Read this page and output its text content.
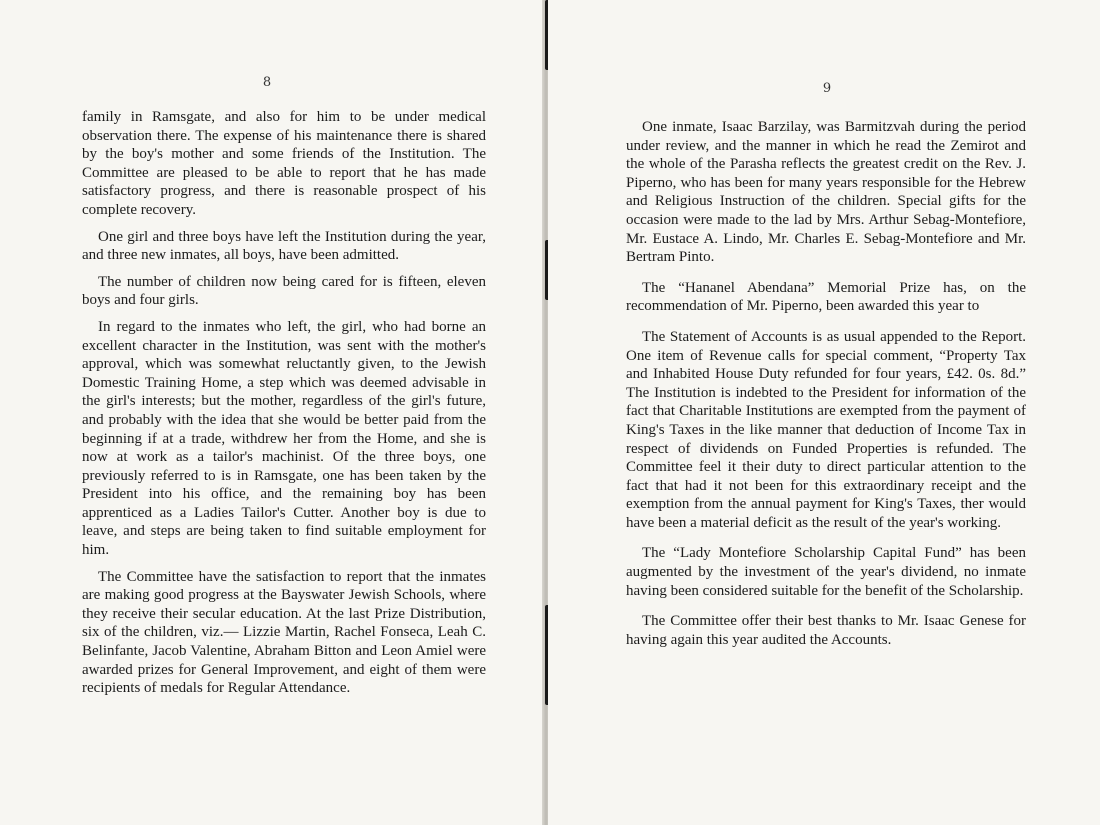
8

family in Ramsgate, and also for him to be under medical observation there. The expense of his maintenance there is shared by the boy's mother and some friends of the Institution. The Committee are pleased to be able to report that he has made satisfactory progress, and there is reasonable prospect of his complete recovery.

One girl and three boys have left the Institution during the year, and three new inmates, all boys, have been admitted.

The number of children now being cared for is fifteen, eleven boys and four girls.

In regard to the inmates who left, the girl, who had borne an excellent character in the Institution, was sent with the mother's approval, which was somewhat reluctantly given, to the Jewish Domestic Training Home, a step which was deemed advisable in the girl's interests; but the mother, regardless of the girl's future, and probably with the idea that she would be better paid from the beginning if at a trade, withdrew her from the Home, and she is now at work as a tailor's machinist. Of the three boys, one previously referred to is in Ramsgate, one has been taken by the President into his office, and the remaining boy has been apprenticed as a Ladies Tailor's Cutter. Another boy is due to leave, and steps are being taken to find suitable employment for him.

The Committee have the satisfaction to report that the inmates are making good progress at the Bayswater Jewish Schools, where they receive their secular education. At the last Prize Distribution, six of the children, viz.— Lizzie Martin, Rachel Fonseca, Leah C. Belinfante, Jacob Valentine, Abraham Bitton and Leon Amiel were awarded prizes for General Improvement, and eight of them were recipients of medals for Regular Attendance.

9

One inmate, Isaac Barzilay, was Barmitzvah during the period under review, and the manner in which he read the Zemirot and the whole of the Parasha reflects the greatest credit on the Rev. J. Piperno, who has been for many years responsible for the Hebrew and Religious Instruction of the children. Special gifts for the occasion were made to the lad by Mrs. Arthur Sebag-Montefiore, Mr. Eustace A. Lindo, Mr. Charles E. Sebag-Montefiore and Mr. Bertram Pinto.

The “Hananel Abendana” Memorial Prize has, on the recommendation of Mr. Piperno, been awarded this year to

The Statement of Accounts is as usual appended to the Report. One item of Revenue calls for special comment, “Property Tax and Inhabited House Duty refunded for four years, £42. 0s. 8d.” The Institution is indebted to the President for information of the fact that Charitable Institutions are exempted from the payment of King's Taxes in the like manner that deduction of Income Tax in respect of dividends on Funded Properties is refunded. The Committee feel it their duty to direct particular attention to the fact that had it not been for this extraordinary receipt and the exemption from the annual payment for King's Taxes, ther would have been a material deficit as the result of the year's working.

The “Lady Montefiore Scholarship Capital Fund” has been augmented by the investment of the year's dividend, no inmate having been considered suitable for the benefit of the Scholarship.

The Committee offer their best thanks to Mr. Isaac Genese for having again this year audited the Accounts.
